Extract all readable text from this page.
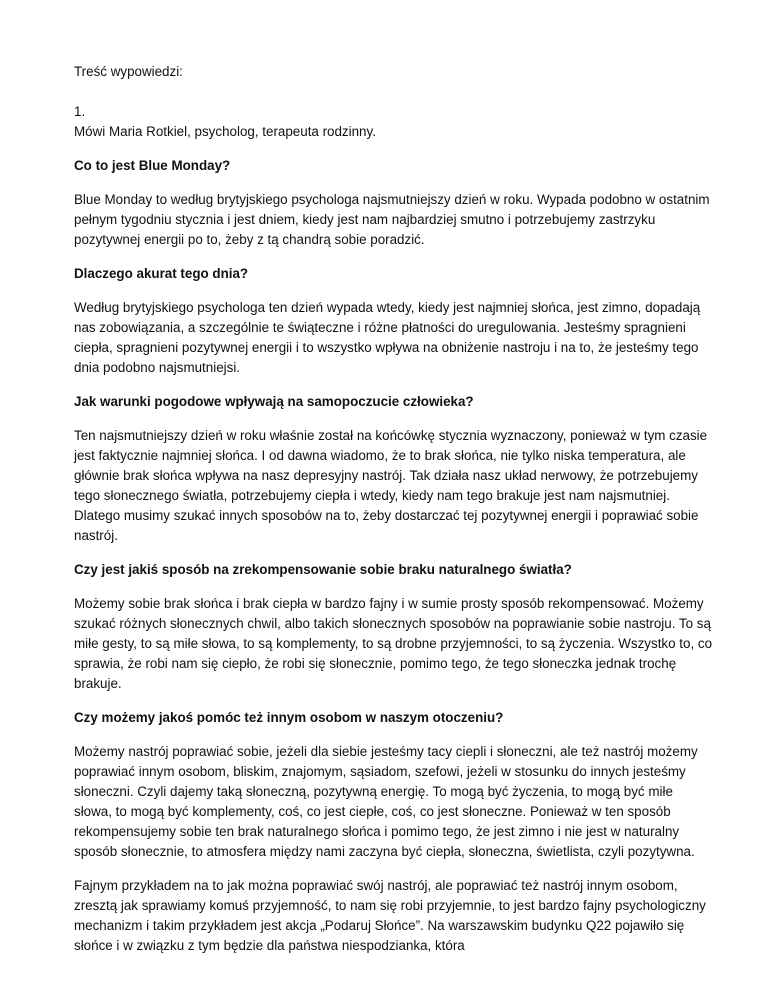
Treść wypowiedzi:

1.

Mówi Maria Rotkiel, psycholog, terapeuta rodzinny.

Co to jest Blue Monday?

Blue Monday to według brytyjskiego psychologa najsmutniejszy dzień w roku. Wypada podobno w ostatnim pełnym tygodniu stycznia i jest dniem, kiedy jest nam najbardziej smutno i potrzebujemy zastrzyku pozytywnej energii po to, żeby z tą chandrą sobie poradzić.

Dlaczego akurat tego dnia?

Według brytyjskiego psychologa ten dzień wypada wtedy, kiedy jest najmniej słońca, jest zimno, dopadają nas zobowiązania, a szczególnie te świąteczne i różne płatności do uregulowania. Jesteśmy spragnieni ciepła, spragnieni pozytywnej energii i to wszystko wpływa na obniżenie nastroju i na to, że jesteśmy tego dnia podobno najsmutniejsi.

Jak warunki pogodowe wpływają na samopoczucie człowieka?

Ten najsmutniejszy dzień w roku właśnie został na końcówkę stycznia wyznaczony, ponieważ w tym czasie jest faktycznie najmniej słońca. I od dawna wiadomo, że to brak słońca, nie tylko niska temperatura, ale głównie brak słońca wpływa na nasz depresyjny nastrój. Tak działa nasz układ nerwowy, że potrzebujemy tego słonecznego światła, potrzebujemy ciepła i wtedy, kiedy nam tego brakuje jest nam najsmutniej. Dlatego musimy szukać innych sposobów na to, żeby dostarczać tej pozytywnej energii i poprawiać sobie nastrój.

Czy jest jakiś sposób na zrekompensowanie sobie braku naturalnego światła?

Możemy sobie brak słońca i brak ciepła w bardzo fajny i w sumie prosty sposób rekompensować. Możemy szukać różnych słonecznych chwil, albo takich słonecznych sposobów na poprawianie sobie nastroju. To są miłe gesty, to są miłe słowa, to są komplementy, to są drobne przyjemności, to są życzenia. Wszystko to, co sprawia, że robi nam się ciepło, że robi się słonecznie, pomimo tego, że tego słoneczka jednak trochę brakuje.

Czy możemy jakoś pomóc też innym osobom w naszym otoczeniu?

Możemy nastrój poprawiać sobie, jeżeli dla siebie jesteśmy tacy ciepli i słoneczni, ale też nastrój możemy poprawiać innym osobom, bliskim, znajomym, sąsiadom, szefowi, jeżeli w stosunku do innych jesteśmy słoneczni. Czyli dajemy taką słoneczną, pozytywną energię. To mogą być życzenia, to mogą być miłe słowa, to mogą być komplementy, coś, co jest ciepłe, coś, co jest słoneczne. Ponieważ w ten sposób rekompensujemy sobie ten brak naturalnego słońca i pomimo tego, że jest zimno i nie jest w naturalny sposób słonecznie, to atmosfera między nami zaczyna być ciepła, słoneczna, świetlista, czyli pozytywna.

Fajnym przykładem na to jak można poprawiać swój nastrój, ale poprawiać też nastrój innym osobom, zresztą jak sprawiamy komuś przyjemność, to nam się robi przyjemnie, to jest bardzo fajny psychologiczny mechanizm i takim przykładem jest akcja „Podaruj Słońce”. Na warszawskim budynku Q22 pojawiło się słońce i w związku z tym będzie dla państwa niespodzianka, która
